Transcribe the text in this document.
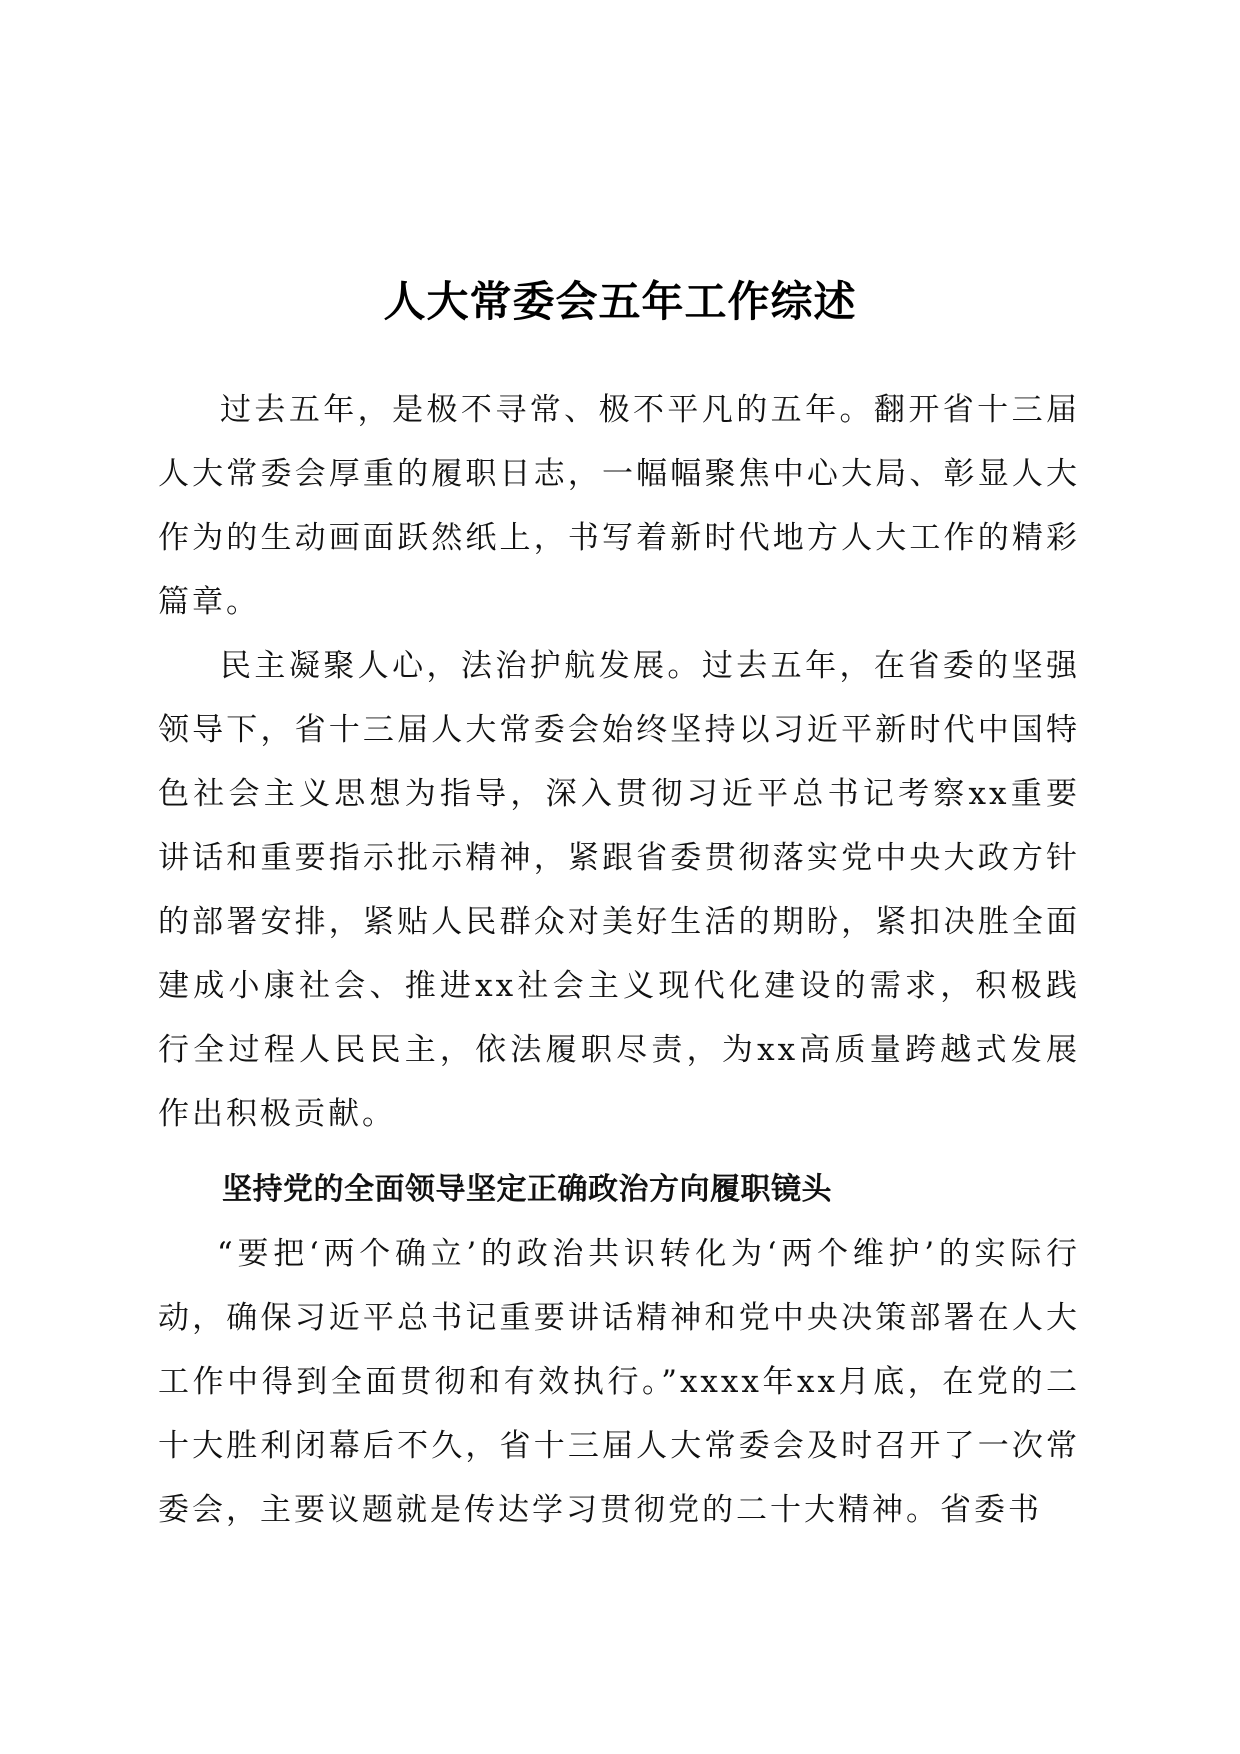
人大常委会五年工作综述

过去五年，是极不寻常、极不平凡的五年。翻开省十三届人大常委会厚重的履职日志，一幅幅聚焦中心大局、彰显人大作为的生动画面跃然纸上，书写着新时代地方人大工作的精彩篇章。

民主凝聚人心，法治护航发展。过去五年，在省委的坚强领导下，省十三届人大常委会始终坚持以习近平新时代中国特色社会主义思想为指导，深入贯彻习近平总书记考察xx重要讲话和重要指示批示精神，紧跟省委贯彻落实党中央大政方针的部署安排，紧贴人民群众对美好生活的期盼，紧扣决胜全面建成小康社会、推进xx社会主义现代化建设的需求，积极践行全过程人民民主，依法履职尽责，为xx高质量跨越式发展作出积极贡献。

坚持党的全面领导坚定正确政治方向履职镜头

“要把‘两个确立’的政治共识转化为‘两个维护’的实际行动，确保习近平总书记重要讲话精神和党中央决策部署在人大工作中得到全面贯彻和有效执行。”xxxx年xx月底，在党的二十大胜利闭幕后不久，省十三届人大常委会及时召开了一次常委会，主要议题就是传达学习贯彻党的二十大精神。省委书
